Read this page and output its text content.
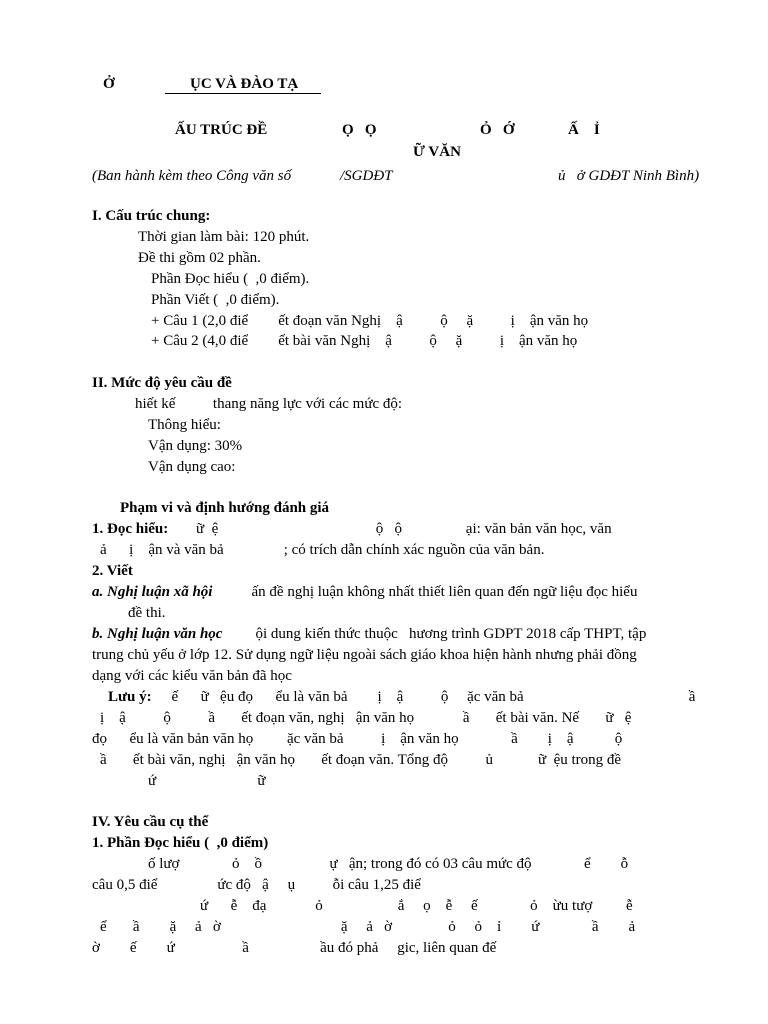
Ở	ỤC VÀ ĐÀO TẠ
ẤU TRÚC ĐỀ	Ọ   Ọ	Ỏ   Ớ	Ấ    Ỉ
Ữ VĂN
(Ban hành kèm theo Công văn số	/SGDĐT	ủ   ở GDĐT Ninh Bình)
I. Cấu trúc chung:
Thời gian làm bài: 120 phút.
Đề thi gồm 02 phần.
Phần Đọc hiểu (  ,0 điểm).
Phần Viết (  ,0 điểm).
+ Câu 1 (2,0 điể        ết đoạn văn Nghị    ậ          ộ     ặ          ị    ận văn họ
+ Câu 2 (4,0 điể        ết bài văn Nghị    ậ          ộ     ặ          ị    ận văn họ
II. Mức độ yêu cầu đề
hiết kế          thang năng lực với các mức độ:
Thông hiểu:
Vận dụng: 30%
Vận dụng cao:
Phạm vi và định hướng đánh giá
1. Đọc hiểu: ữ  ệ                                          ộ   ộ                 ại: văn bản văn học, văn
ả      ị    ận và văn bả                ; có trích dẫn chính xác nguồn của văn bản.
2. Viết
a. Nghị luận xã hội ấn đề nghị luận không nhất thiết liên quan đến ngữ liệu đọc hiểu
đề thi.
b. Nghị luận văn học ội dung kiến thức thuộc   hương trình GDPT 2018 cấp THPT, tập
trung chủ yếu ở lớp 12. Sử dụng ngữ liệu ngoài sách giáo khoa hiện hành nhưng phải đồng
dạng với các kiểu văn bản đã học
Lưu ý: ế      ữ   ệu đọ      ểu là văn bả        ị    ậ          ộ     ặc văn bả                                            ầ
ị    ậ          ộ          ầ       ết đoạn văn, nghị   ận văn họ             ầ       ết bài văn. Nế       ữ   ệ
đọ      ểu là văn bản văn họ         ặc văn bả          ị    ận văn họ              ầ        ị    ậ           ộ
ầ       ết bài văn, nghị   ận văn họ       ết đoạn văn. Tổng độ          ủ            ữ  ệu trong đề
ứ                           ữ
IV. Yêu cầu cụ thể
1. Phần Đọc hiểu (  ,0 điểm)
ố lượ              ỏ    ồ                  ự   ận; trong đó có 03 câu mức độ              ể        ỗ
câu 0,5 điể                ức độ   ậ     ụ          ỗi câu 1,25 điể
ứ      ễ    đạ             ỏ                    ắ     ọ    ễ     ế              ỏ    ừu tượ         ễ
ể       ầ        ặ     ả   ờ                                ặ     ả   ờ               ỏ     ỏ    ỉ        ứ              ầ        ả
ờ        ế        ứ                  ầ                   ầu đó phả     gic, liên quan đế
